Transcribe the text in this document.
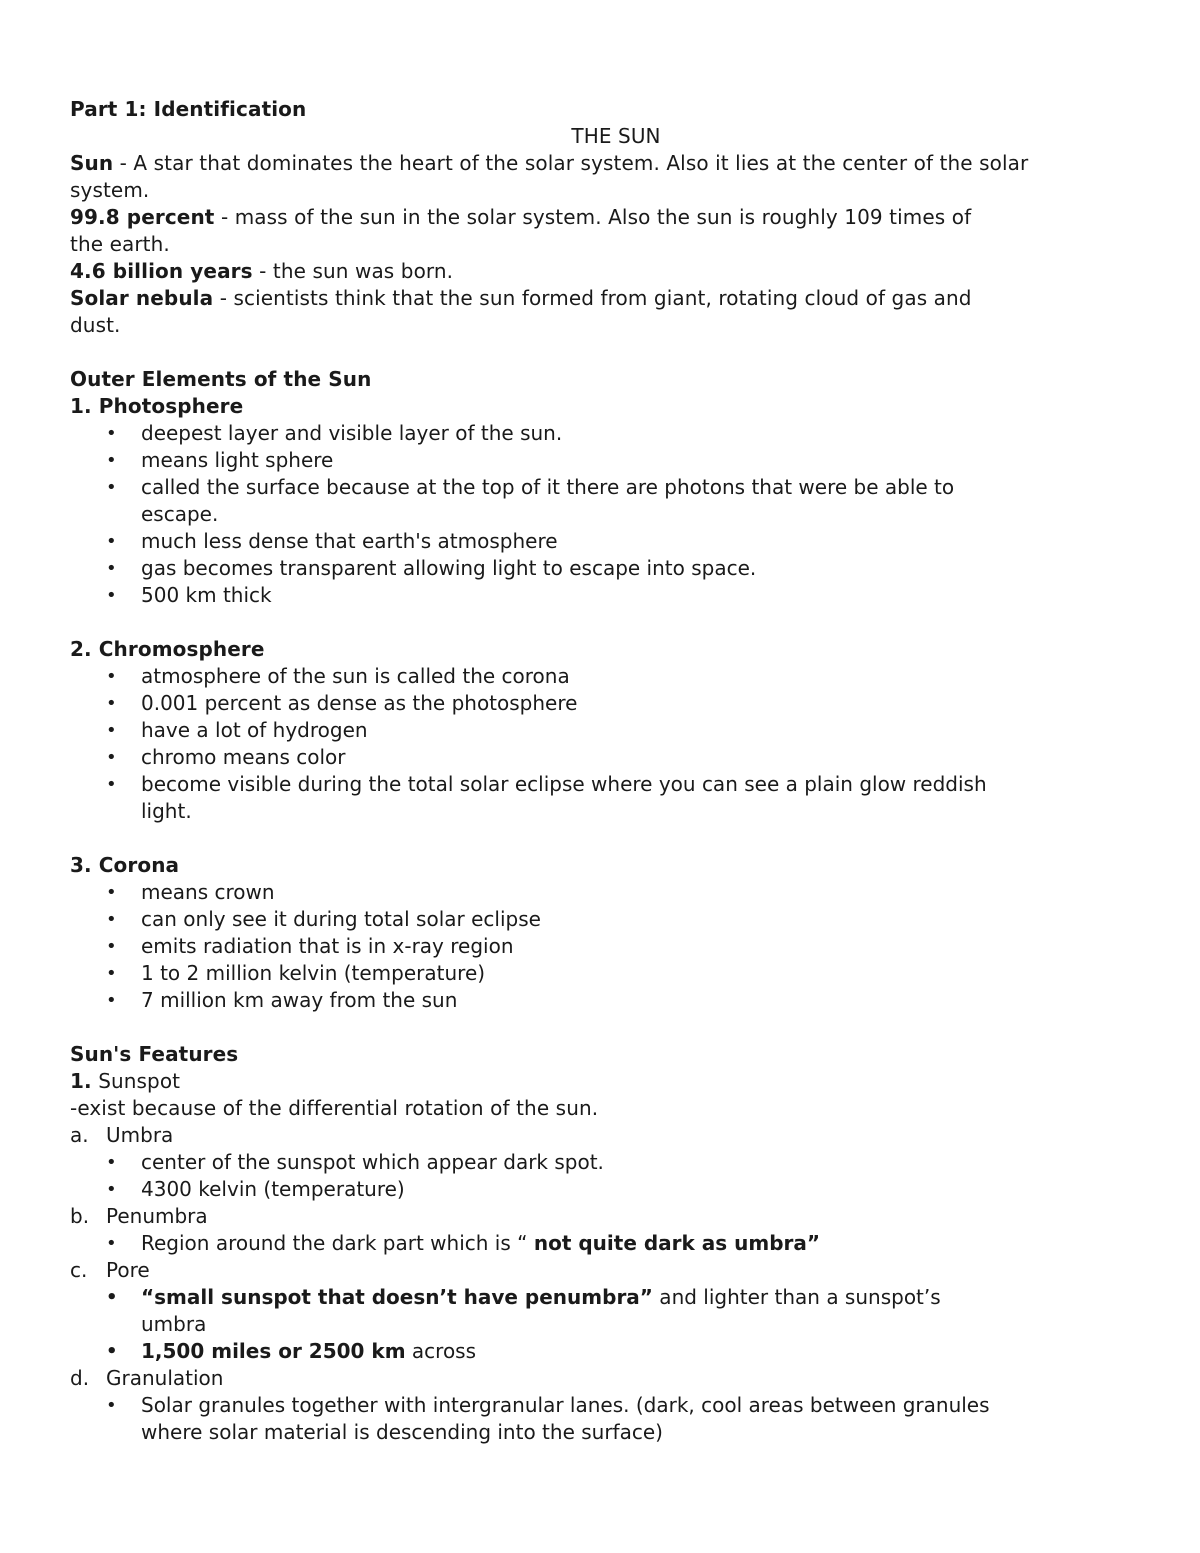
Part 1: Identification
THE SUN
Sun - A star that dominates the heart of the solar system. Also it lies at the center of the solar
system.
99.8 percent - mass of the sun in the solar system. Also the sun is roughly 109 times of
the earth.
4.6 billion years - the sun was born.
Solar nebula - scientists think that the sun formed from giant, rotating cloud of gas and
dust.
Outer Elements of the Sun
1. Photosphere
• deepest layer and visible layer of the sun.
• means light sphere
• called the surface because at the top of it there are photons that were be able to
escape.
• much less dense that earth's atmosphere
• gas becomes transparent allowing light to escape into space.
• 500 km thick
2. Chromosphere
• atmosphere of the sun is called the corona
• 0.001 percent as dense as the photosphere
• have a lot of hydrogen
• chromo means color
• become visible during the total solar eclipse where you can see a plain glow reddish
light.
3. Corona
• means crown
• can only see it during total solar eclipse
• emits radiation that is in x-ray region
• 1 to 2 million kelvin (temperature)
• 7 million km away from the sun
Sun's Features
1. Sunspot
-exist because of the differential rotation of the sun.
a. Umbra
• center of the sunspot which appear dark spot.
• 4300 kelvin (temperature)
b. Penumbra
• Region around the dark part which is “ not quite dark as umbra”
c. Pore
• “small sunspot that doesn’t have penumbra” and lighter than a sunspot’s
umbra
• 1,500 miles or 2500 km across
d. Granulation
• Solar granules together with intergranular lanes. (dark, cool areas between granules
where solar material is descending into the surface)
